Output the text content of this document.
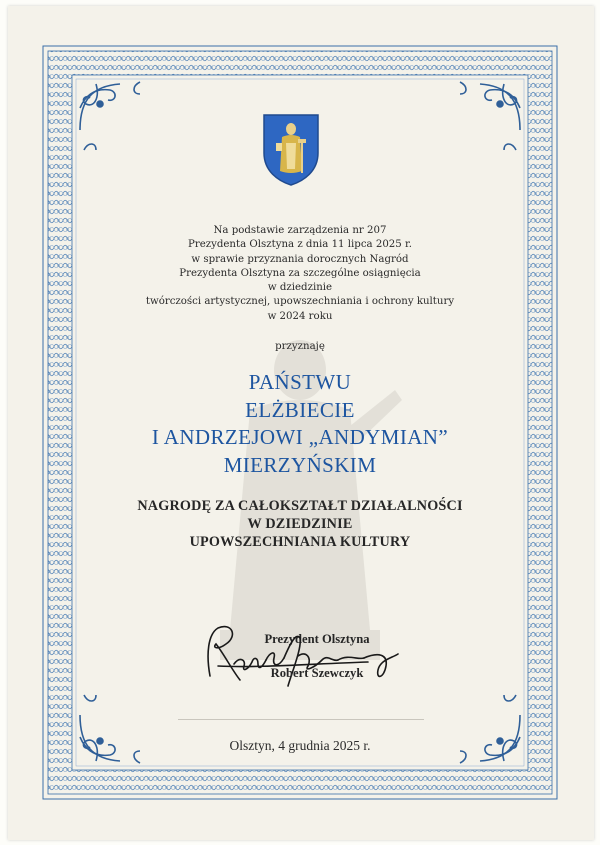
Na podstawie zarządzenia nr 207
Prezydenta Olsztyna z dnia 11 lipca 2025 r.
w sprawie przyznania dorocznych Nagród
Prezydenta Olsztyna za szczególne osiągnięcia
w dziedzinie
twórczości artystycznej, upowszechniania i ochrony kultury
w 2024 roku
przyznaję
PAŃSTWU
ELŻBIECIE
I ANDRZEJOWI „ANDYMIAN”
MIERZYŃSKIM
NAGRODĘ ZA CAŁOKSZTAŁT DZIAŁALNOŚCI
W DZIEDZINIE
UPOWSZECHNIANIA KULTURY
Prezydent Olsztyna
Robert Szewczyk
Olsztyn, 4 grudnia 2025 r.
